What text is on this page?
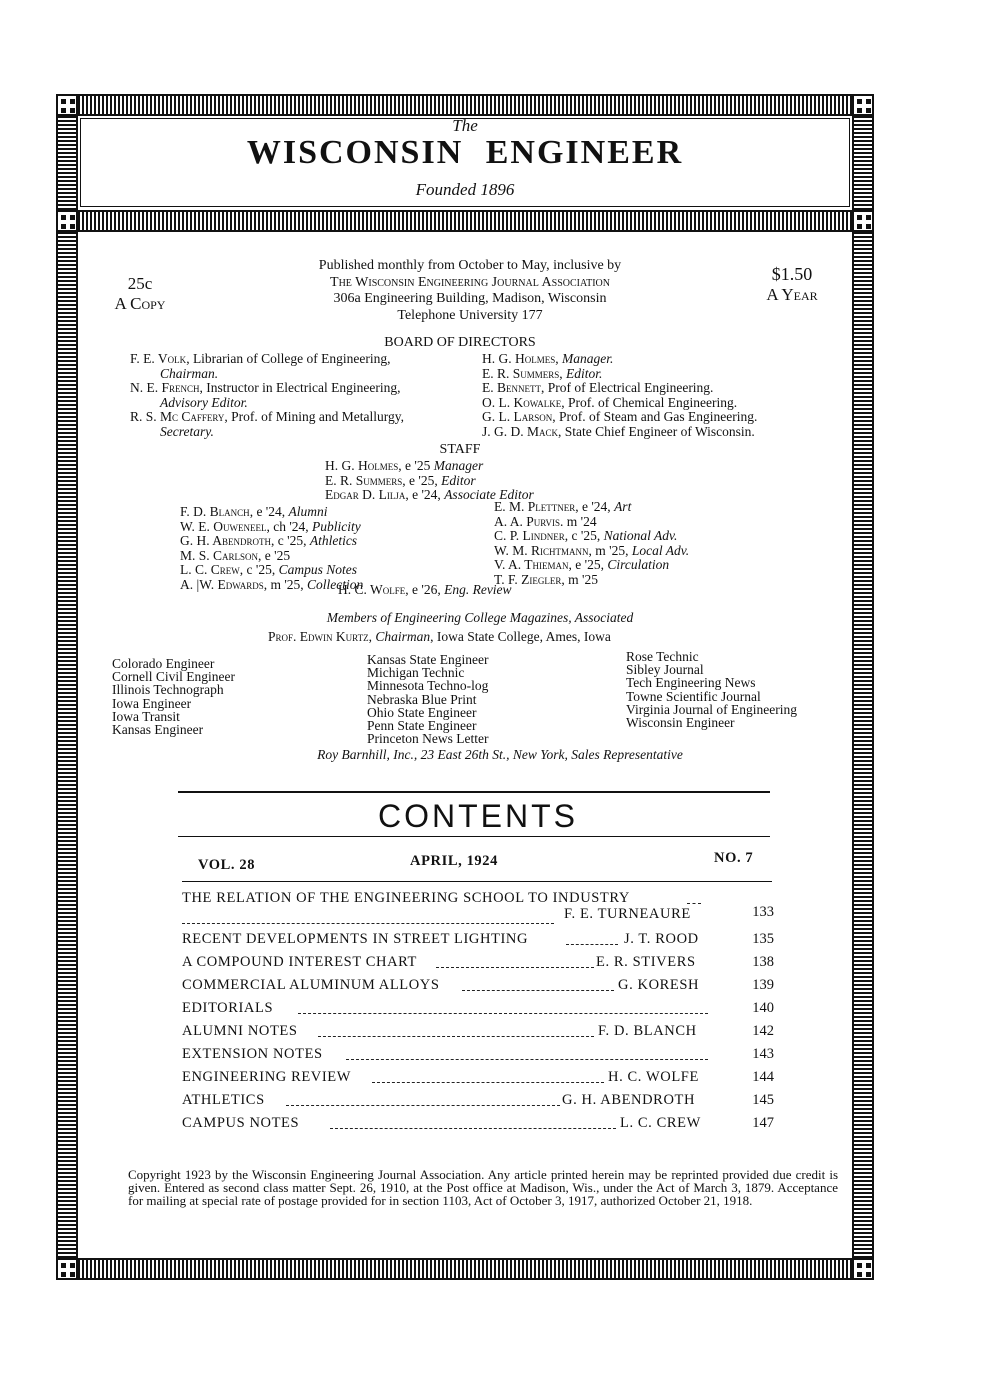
The
WISCONSIN ENGINEER
Founded 1896
25c
A Copy
$1.50
A Year
Published monthly from October to May, inclusive by
The Wisconsin Engineering Journal Association
306a Engineering Building, Madison, Wisconsin
Telephone University 177
BOARD OF DIRECTORS
F. E. Volk, Librarian of College of Engineering,
Chairman.
N. E. French, Instructor in Electrical Engineering,
Advisory Editor.
R. S. Mc Caffery, Prof. of Mining and Metallurgy,
Secretary.
H. G. Holmes, Manager.
E. R. Summers, Editor.
E. Bennett, Prof of Electrical Engineering.
O. L. Kowalke, Prof. of Chemical Engineering.
G. L. Larson, Prof. of Steam and Gas Engineering.
J. G. D. Mack, State Chief Engineer of Wisconsin.
STAFF
H. G. Holmes, e '25 Manager
E. R. Summers, e '25, Editor
Edgar D. Lilja, e '24, Associate Editor
F. D. Blanch, e '24, Alumni
W. E. Ouweneel, ch '24, Publicity
G. H. Abendroth, c '25, Athletics
M. S. Carlson, e '25
L. C. Crew, c '25, Campus Notes
A. |W. Edwards, m '25, Collection
E. M. Plettner, e '24, Art
A. A. Purvis. m '24
C. P. Lindner, c '25, National Adv.
W. M. Richtmann, m '25, Local Adv.
V. A. Thieman, e '25, Circulation
T. F. Ziegler, m '25
H. C. Wolfe, e '26, Eng. Review
Members of Engineering College Magazines, Associated
Prof. Edwin Kurtz, Chairman, Iowa State College, Ames, Iowa
Colorado Engineer
Cornell Civil Engineer
Illinois Technograph
Iowa Engineer
Iowa Transit
Kansas Engineer
Kansas State Engineer
Michigan Technic
Minnesota Techno-log
Nebraska Blue Print
Ohio State Engineer
Penn State Engineer
Princeton News Letter
Rose Technic
Sibley Journal
Tech Engineering News
Towne Scientific Journal
Virginia Journal of Engineering
Wisconsin Engineer
Roy Barnhill, Inc., 23 East 26th St., New York, Sales Representative
CONTENTS
VOL. 28	APRIL, 1924	NO. 7
THE RELATION OF THE ENGINEERING SCHOOL TO INDUSTRY
F. E. TURNEAURE	133
RECENT DEVELOPMENTS IN STREET LIGHTING	J. T. ROOD	135
A COMPOUND INTEREST CHART	E. R. STIVERS	138
COMMERCIAL ALUMINUM ALLOYS	G. KORESH	139
EDITORIALS	140
ALUMNI NOTES	F. D. BLANCH	142
EXTENSION NOTES	143
ENGINEERING REVIEW	H. C. WOLFE	144
ATHLETICS	G. H. ABENDROTH	145
CAMPUS NOTES	L. C. CREW	147
Copyright 1923 by the Wisconsin Engineering Journal Association. Any article printed herein may be reprinted provided due credit is given. Entered as second class matter Sept. 26, 1910, at the Post office at Madison, Wis., under the Act of March 3, 1879. Acceptance for mailing at special rate of postage provided for in section 1103, Act of October 3, 1917, authorized October 21, 1918.
